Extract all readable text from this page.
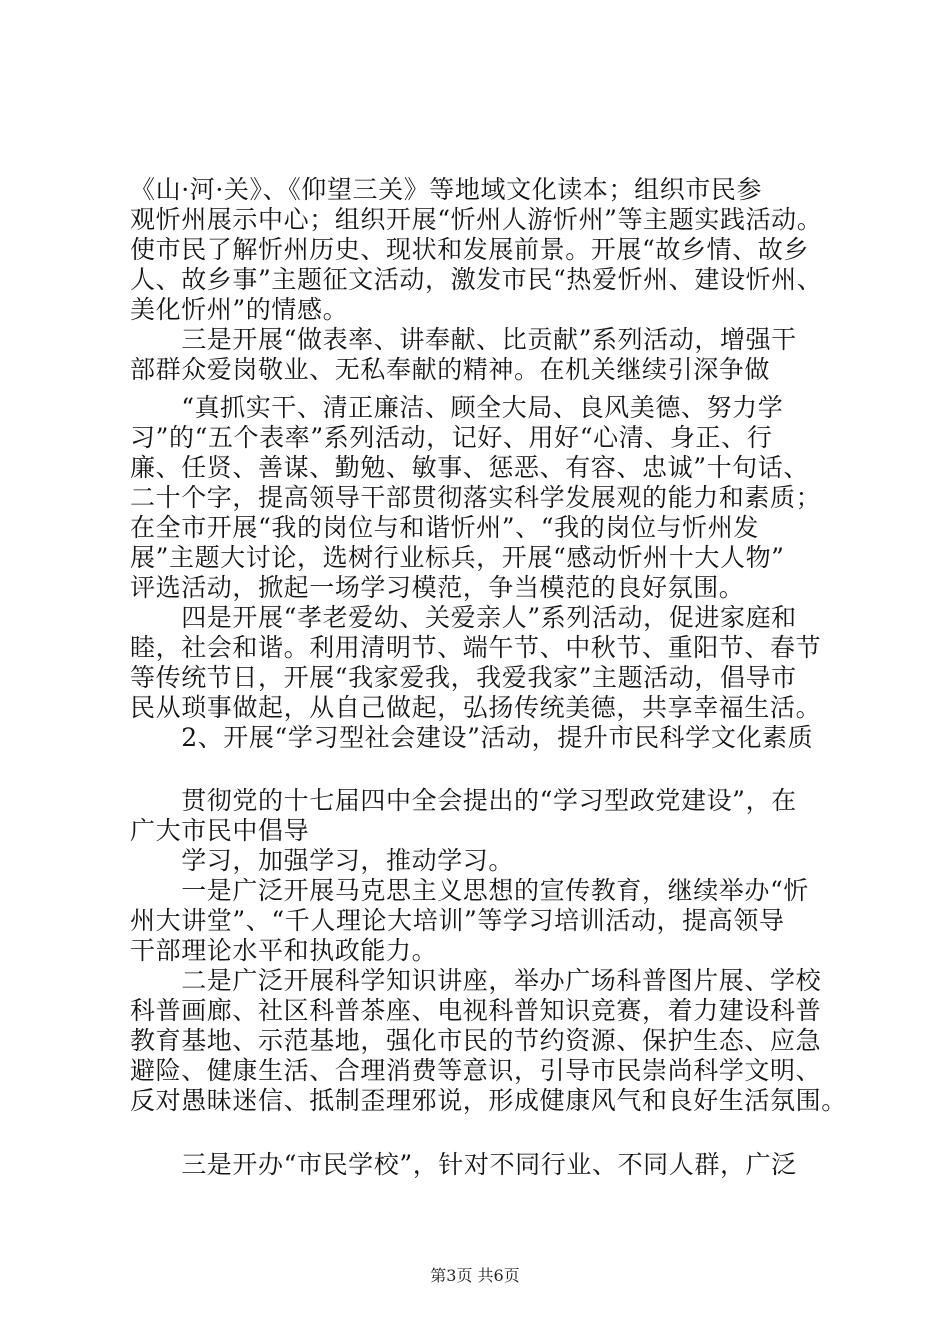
《山·河·关》、《仰望三关》等地域文化读本；组织市民参
观忻州展示中心；组织开展“忻州人游忻州”等主题实践活动。
使市民了解忻州历史、现状和发展前景。开展“故乡情、故乡
人、故乡事”主题征文活动，激发市民“热爱忻州、建设忻州、
美化忻州”的情感。
　　三是开展“做表率、讲奉献、比贡献”系列活动，增强干
部群众爱岗敬业、无私奉献的精神。在机关继续引深争做
　　“真抓实干、清正廉洁、顾全大局、良风美德、努力学
习”的“五个表率”系列活动，记好、用好“心清、身正、行
廉、任贤、善谋、勤勉、敏事、惩恶、有容、忠诚”十句话、
二十个字，提高领导干部贯彻落实科学发展观的能力和素质；
在全市开展“我的岗位与和谐忻州”、“我的岗位与忻州发
展”主题大讨论，选树行业标兵，开展“感动忻州十大人物”
评选活动，掀起一场学习模范，争当模范的良好氛围。
　　四是开展“孝老爱幼、关爱亲人”系列活动，促进家庭和
睦，社会和谐。利用清明节、端午节、中秋节、重阳节、春节
等传统节日，开展“我家爱我，我爱我家”主题活动，倡导市
民从琐事做起，从自己做起，弘扬传统美德，共享幸福生活。
　　2、开展“学习型社会建设”活动，提升市民科学文化素质
　　贯彻党的十七届四中全会提出的“学习型政党建设”，在
广大市民中倡导
　　学习，加强学习，推动学习。
　　一是广泛开展马克思主义思想的宣传教育，继续举办“忻
州大讲堂”、“千人理论大培训”等学习培训活动，提高领导
干部理论水平和执政能力。
　　二是广泛开展科学知识讲座，举办广场科普图片展、学校
科普画廊、社区科普茶座、电视科普知识竞赛，着力建设科普
教育基地、示范基地，强化市民的节约资源、保护生态、应急
避险、健康生活、合理消费等意识，引导市民崇尚科学文明、
反对愚昧迷信、抵制歪理邪说，形成健康风气和良好生活氛围。
　　三是开办“市民学校”，针对不同行业、不同人群，广泛
第3页 共6页
